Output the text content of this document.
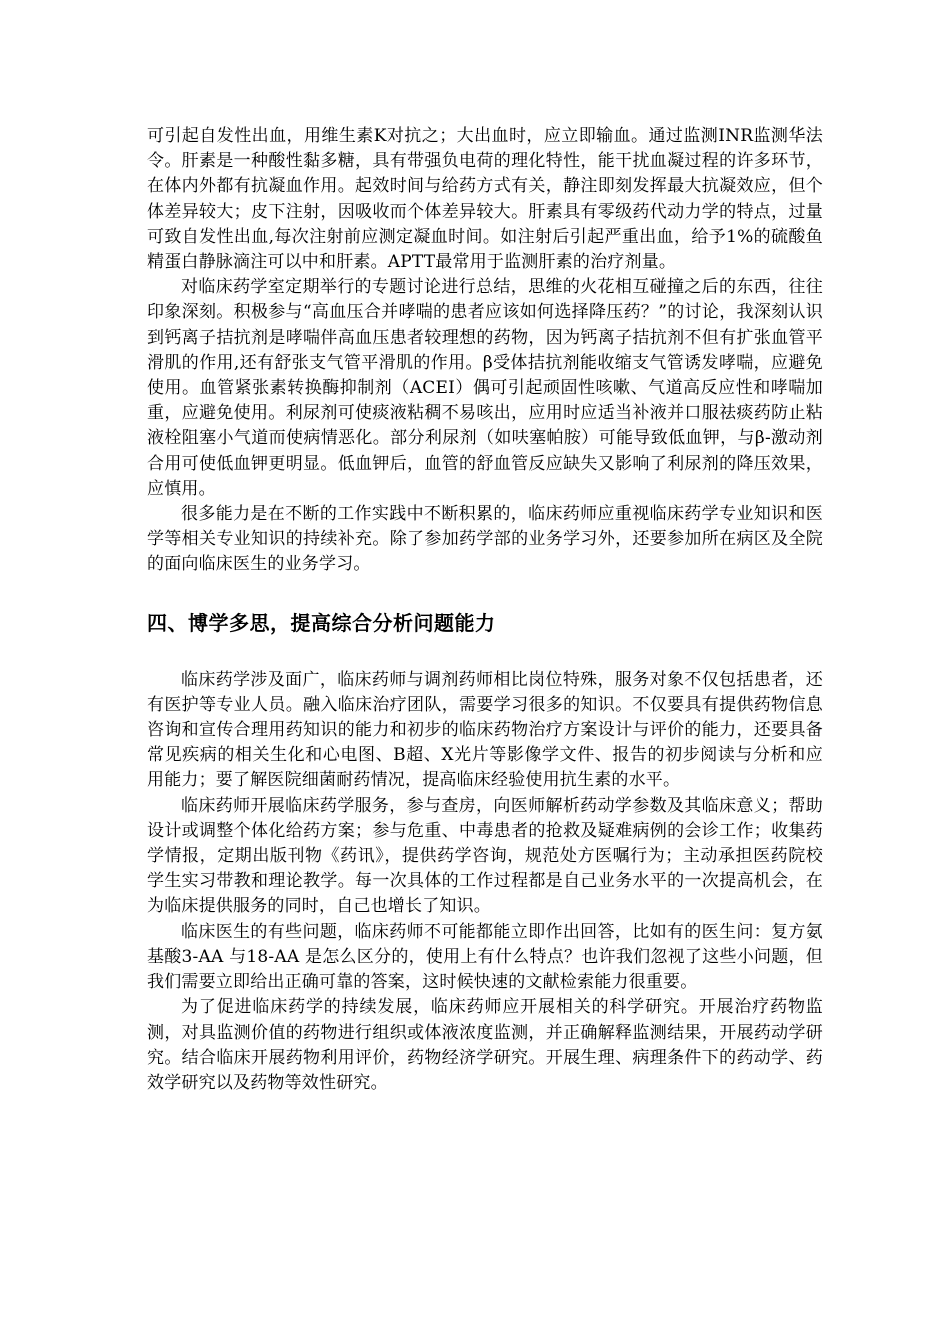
可引起自发性出血，用维生素K对抗之；大出血时，应立即输血。通过监测INR监测华法令。肝素是一种酸性黏多糖，具有带强负电荷的理化特性，能干扰血凝过程的许多环节，在体内外都有抗凝血作用。起效时间与给药方式有关，静注即刻发挥最大抗凝效应，但个体差异较大；皮下注射，因吸收而个体差异较大。肝素具有零级药代动力学的特点，过量可致自发性出血,每次注射前应测定凝血时间。如注射后引起严重出血，给予1%的硫酸鱼精蛋白静脉滴注可以中和肝素。APTT最常用于监测肝素的治疗剂量。

对临床药学室定期举行的专题讨论进行总结，思维的火花相互碰撞之后的东西，往往印象深刻。积极参与“高血压合并哮喘的患者应该如何选择降压药？”的讨论，我深刻认识到钙离子拮抗剂是哮喘伴高血压患者较理想的药物，因为钙离子拮抗剂不但有扩张血管平滑肌的作用,还有舒张支气管平滑肌的作用。β受体拮抗剂能收缩支气管诱发哮喘，应避免使用。血管紧张素转换酶抑制剂（ACEI）偶可引起顽固性咳嗽、气道高反应性和哮喘加重，应避免使用。利尿剂可使痰液粘稠不易咳出，应用时应适当补液并口服祛痰药防止粘液栓阻塞小气道而使病情恶化。部分利尿剂（如呋塞帕胺）可能导致低血钾，与β-激动剂合用可使低血钾更明显。低血钾后，血管的舒血管反应缺失又影响了利尿剂的降压效果，应慎用。

很多能力是在不断的工作实践中不断积累的，临床药师应重视临床药学专业知识和医学等相关专业知识的持续补充。除了参加药学部的业务学习外，还要参加所在病区及全院的面向临床医生的业务学习。

四、博学多思，提高综合分析问题能力

临床药学涉及面广，临床药师与调剂药师相比岗位特殊，服务对象不仅包括患者，还有医护等专业人员。融入临床治疗团队，需要学习很多的知识。不仅要具有提供药物信息咨询和宣传合理用药知识的能力和初步的临床药物治疗方案设计与评价的能力，还要具备常见疾病的相关生化和心电图、B超、X光片等影像学文件、报告的初步阅读与分析和应用能力；要了解医院细菌耐药情况，提高临床经验使用抗生素的水平。

临床药师开展临床药学服务，参与查房，向医师解析药动学参数及其临床意义；帮助设计或调整个体化给药方案；参与危重、中毒患者的抢救及疑难病例的会诊工作；收集药学情报，定期出版刊物《药讯》，提供药学咨询，规范处方医嘱行为；主动承担医药院校学生实习带教和理论教学。每一次具体的工作过程都是自己业务水平的一次提高机会，在为临床提供服务的同时，自己也增长了知识。

临床医生的有些问题，临床药师不可能都能立即作出回答，比如有的医生问：复方氨基酸3-AA 与18-AA 是怎么区分的，使用上有什么特点？也许我们忽视了这些小问题，但我们需要立即给出正确可靠的答案，这时候快速的文献检索能力很重要。

为了促进临床药学的持续发展，临床药师应开展相关的科学研究。开展治疗药物监测，对具监测价值的药物进行组织或体液浓度监测，并正确解释监测结果，开展药动学研究。结合临床开展药物利用评价，药物经济学研究。开展生理、病理条件下的药动学、药效学研究以及药物等效性研究。
